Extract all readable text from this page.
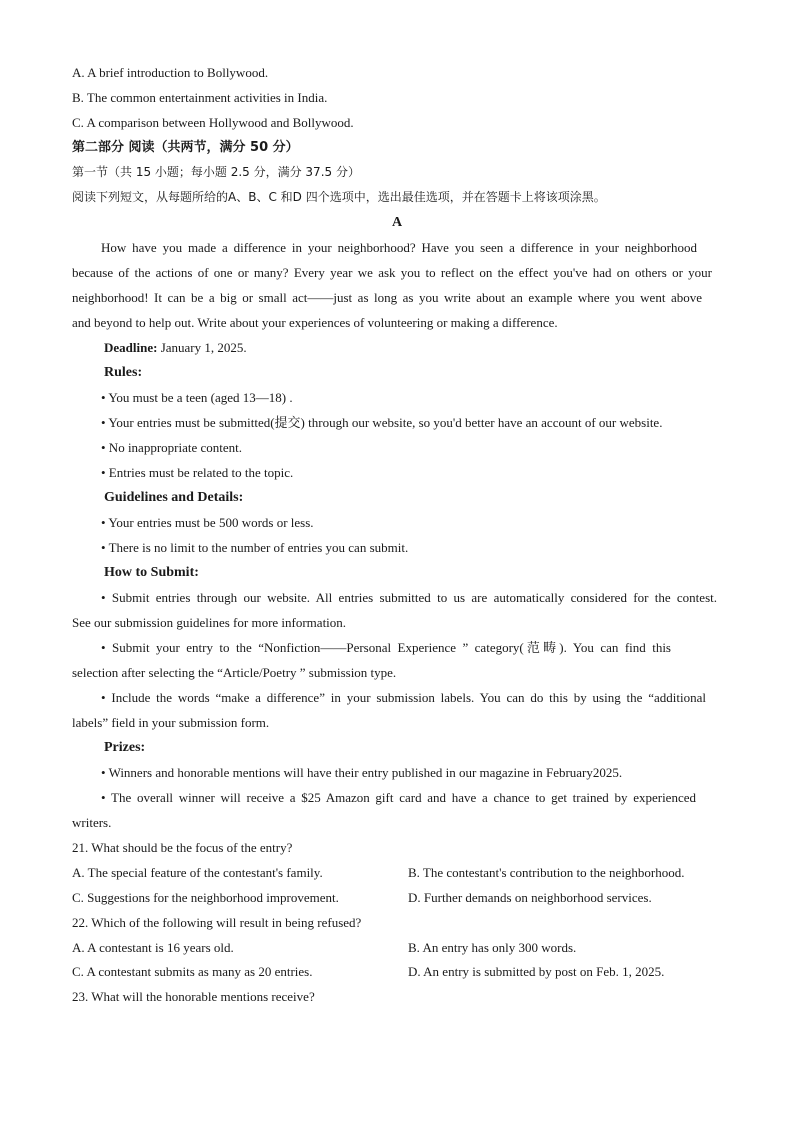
A. A brief introduction to Bollywood.
B. The common entertainment activities in India.
C. A comparison between Hollywood and Bollywood.
第二部分 阅读（共两节，满分 50 分）
第一节（共 15 小题；每小题 2.5 分，满分 37.5 分）
阅读下列短文，从每题所给的A、B、C 和D 四个选项中，选出最佳选项，并在答题卡上将该项涂黑。
A
How have you made a difference in your neighborhood? Have you seen a difference in your neighborhood
because of the actions of one or many? Every year we ask you to reflect on the effect you've had on others or your
neighborhood! It can be a big or small act——just as long as you write about an example where you went above
and beyond to help out. Write about your experiences of volunteering or making a difference.
Deadline: January 1, 2025.
Rules:
• You must be a teen (aged 13—18) .
• Your entries must be submitted(提交) through our website, so you'd better have an account of our website.
• No inappropriate content.
• Entries must be related to the topic.
Guidelines and Details:
• Your entries must be 500 words or less.
• There is no limit to the number of entries you can submit.
How to Submit:
• Submit entries through our website. All entries submitted to us are automatically considered for the contest.
See our submission guidelines for more information.
• Submit your entry to the “Nonfiction——Personal Experience ” category(范畴). You can find this
selection after selecting the “Article/Poetry ” submission type.
• Include the words “make a difference” in your submission labels. You can do this by using the “additional
labels” field in your submission form.
Prizes:
• Winners and honorable mentions will have their entry published in our magazine in February2025.
• The overall winner will receive a $25 Amazon gift card and have a chance to get trained by experienced
writers.
21. What should be the focus of the entry?
A. The special feature of the contestant's family.	B. The contestant's contribution to the neighborhood.
C. Suggestions for the neighborhood improvement.	D. Further demands on neighborhood services.
22. Which of the following will result in being refused?
A. A contestant is 16 years old.	B. An entry has only 300 words.
C. A contestant submits as many as 20 entries.	D. An entry is submitted by post on Feb. 1, 2025.
23. What will the honorable mentions receive?
